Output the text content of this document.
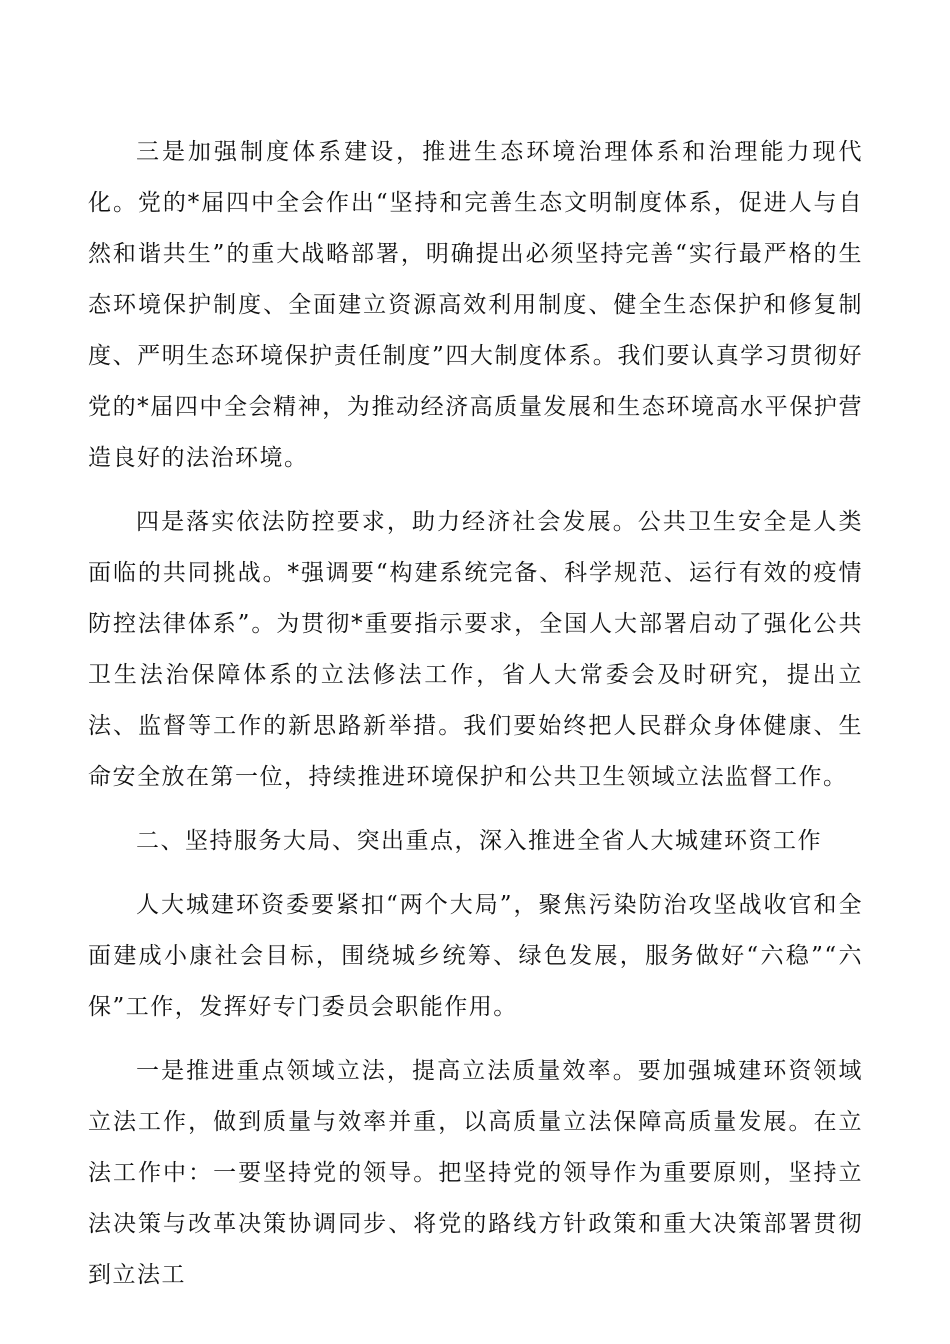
三是加强制度体系建设，推进生态环境治理体系和治理能力现代化。党的*届四中全会作出“坚持和完善生态文明制度体系，促进人与自然和谐共生”的重大战略部署，明确提出必须坚持完善“实行最严格的生态环境保护制度、全面建立资源高效利用制度、健全生态保护和修复制度、严明生态环境保护责任制度”四大制度体系。我们要认真学习贯彻好党的*届四中全会精神，为推动经济高质量发展和生态环境高水平保护营造良好的法治环境。

四是落实依法防控要求，助力经济社会发展。公共卫生安全是人类面临的共同挑战。*强调要“构建系统完备、科学规范、运行有效的疫情防控法律体系”。为贯彻*重要指示要求，全国人大部署启动了强化公共卫生法治保障体系的立法修法工作，省人大常委会及时研究，提出立法、监督等工作的新思路新举措。我们要始终把人民群众身体健康、生命安全放在第一位，持续推进环境保护和公共卫生领域立法监督工作。

二、坚持服务大局、突出重点，深入推进全省人大城建环资工作

人大城建环资委要紧扣“两个大局”，聚焦污染防治攻坚战收官和全面建成小康社会目标，围绕城乡统筹、绿色发展，服务做好“六稳”“六保”工作，发挥好专门委员会职能作用。

一是推进重点领域立法，提高立法质量效率。要加强城建环资领域立法工作，做到质量与效率并重，以高质量立法保障高质量发展。在立法工作中：一要坚持党的领导。把坚持党的领导作为重要原则，坚持立法决策与改革决策协调同步、将党的路线方针政策和重大决策部署贯彻到立法工
